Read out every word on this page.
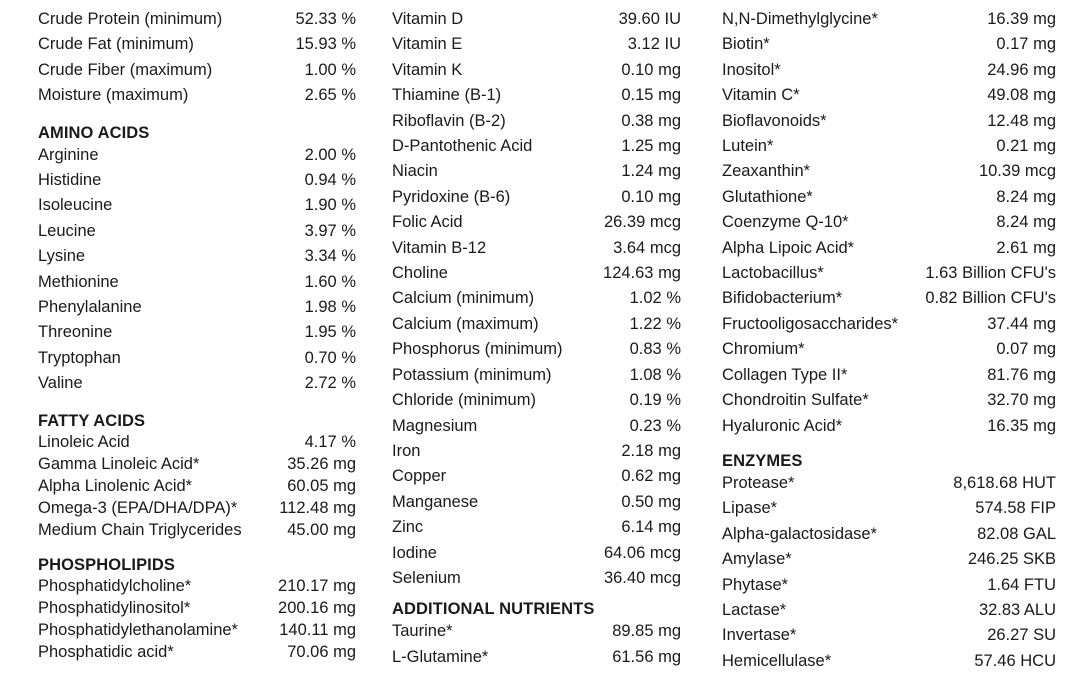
Crude Protein (minimum)	52.33 %
Crude Fat (minimum)	15.93 %
Crude Fiber (maximum)	1.00 %
Moisture (maximum)	2.65 %
AMINO ACIDS
Arginine	2.00 %
Histidine	0.94 %
Isoleucine	1.90 %
Leucine	3.97 %
Lysine	3.34 %
Methionine	1.60 %
Phenylalanine	1.98 %
Threonine	1.95 %
Tryptophan	0.70 %
Valine	2.72 %
FATTY ACIDS
Linoleic Acid	4.17 %
Gamma Linoleic Acid*	35.26 mg
Alpha Linolenic Acid*	60.05 mg
Omega-3 (EPA/DHA/DPA)*	112.48 mg
Medium Chain Triglycerides	45.00 mg
PHOSPHOLIPIDS
Phosphatidylcholine*	210.17 mg
Phosphatidylinositol*	200.16 mg
Phosphatidylethanolamine*	140.11 mg
Phosphatidic acid*	70.06 mg
Vitamin D	39.60 IU
Vitamin E	3.12 IU
Vitamin K	0.10 mg
Thiamine (B-1)	0.15 mg
Riboflavin (B-2)	0.38 mg
D-Pantothenic Acid	1.25 mg
Niacin	1.24 mg
Pyridoxine (B-6)	0.10 mg
Folic Acid	26.39 mcg
Vitamin B-12	3.64 mcg
Choline	124.63 mg
Calcium (minimum)	1.02 %
Calcium (maximum)	1.22 %
Phosphorus (minimum)	0.83 %
Potassium (minimum)	1.08 %
Chloride (minimum)	0.19 %
Magnesium	0.23 %
Iron	2.18 mg
Copper	0.62 mg
Manganese	0.50 mg
Zinc	6.14 mg
Iodine	64.06 mcg
Selenium	36.40 mcg
ADDITIONAL NUTRIENTS
Taurine*	89.85 mg
L-Glutamine*	61.56 mg
N,N-Dimethylglycine*	16.39 mg
Biotin*	0.17 mg
Inositol*	24.96 mg
Vitamin C*	49.08 mg
Bioflavonoids*	12.48 mg
Lutein*	0.21 mg
Zeaxanthin*	10.39 mcg
Glutathione*	8.24 mg
Coenzyme Q-10*	8.24 mg
Alpha Lipoic Acid*	2.61 mg
Lactobacillus*	1.63 Billion CFU's
Bifidobacterium*	0.82 Billion CFU's
Fructooligosaccharides*	37.44 mg
Chromium*	0.07 mg
Collagen Type II*	81.76 mg
Chondroitin Sulfate*	32.70 mg
Hyaluronic Acid*	16.35 mg
ENZYMES
Protease*	8,618.68 HUT
Lipase*	574.58 FIP
Alpha-galactosidase*	82.08 GAL
Amylase*	246.25 SKB
Phytase*	1.64 FTU
Lactase*	32.83 ALU
Invertase*	26.27 SU
Hemicellulase*	57.46 HCU
